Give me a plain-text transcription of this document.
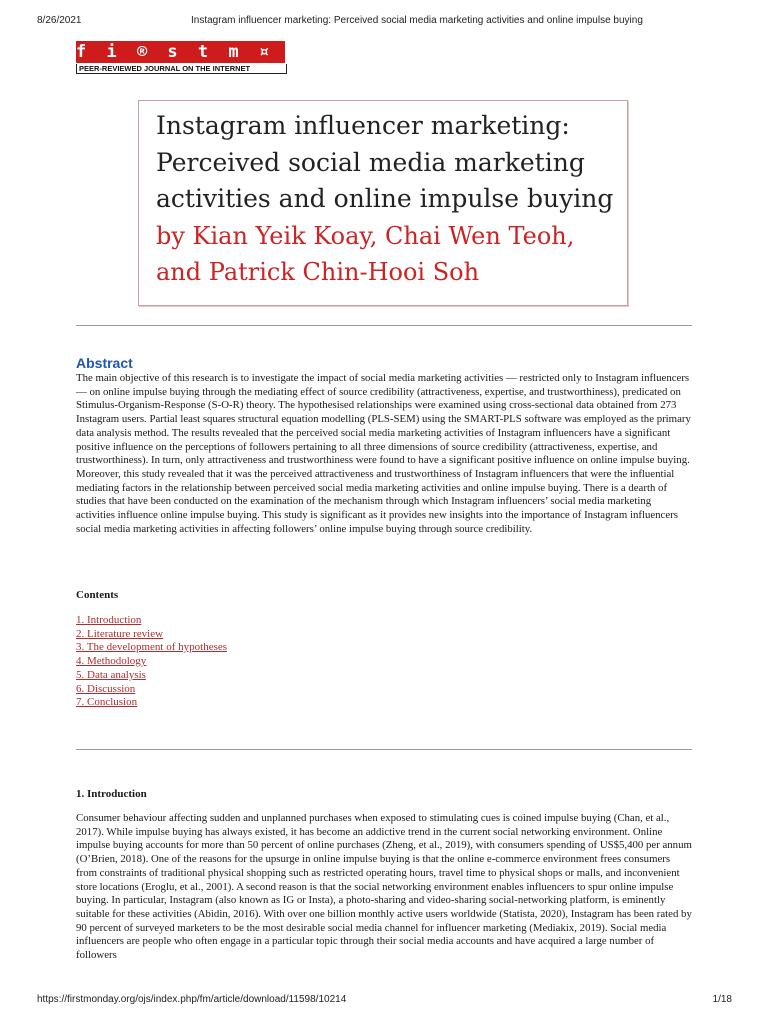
8/26/2021	Instagram influencer marketing: Perceived social media marketing activities and online impulse buying
f i ® s t m ¤ ñ d @ ¥
PEER-REVIEWED JOURNAL ON THE INTERNET
Instagram influencer marketing:
Perceived social media marketing
activities and online impulse buying
by Kian Yeik Koay, Chai Wen Teoh,
and Patrick Chin-Hooi Soh
Abstract
The main objective of this research is to investigate the impact of social media marketing activities — restricted only to Instagram influencers — on online impulse buying through the mediating effect of source credibility (attractiveness, expertise, and trustworthiness), predicated on Stimulus-Organism-Response (S-O-R) theory. The hypothesised relationships were examined using cross-sectional data obtained from 273 Instagram users. Partial least squares structural equation modelling (PLS-SEM) using the SMART-PLS software was employed as the primary data analysis method. The results revealed that the perceived social media marketing activities of Instagram influencers have a significant positive influence on the perceptions of followers pertaining to all three dimensions of source credibility (attractiveness, expertise, and trustworthiness). In turn, only attractiveness and trustworthiness were found to have a significant positive influence on online impulse buying. Moreover, this study revealed that it was the perceived attractiveness and trustworthiness of Instagram influencers that were the influential mediating factors in the relationship between perceived social media marketing activities and online impulse buying. There is a dearth of studies that have been conducted on the examination of the mechanism through which Instagram influencers’ social media marketing activities influence online impulse buying. This study is significant as it provides new insights into the importance of Instagram influencers social media marketing activities in affecting followers’ online impulse buying through source credibility.
Contents
1. Introduction
2. Literature review
3. The development of hypotheses
4. Methodology
5. Data analysis
6. Discussion
7. Conclusion
1. Introduction

Consumer behaviour affecting sudden and unplanned purchases when exposed to stimulating cues is coined impulse buying (Chan, et al., 2017). While impulse buying has always existed, it has become an addictive trend in the current social networking environment. Online impulse buying accounts for more than 50 percent of online purchases (Zheng, et al., 2019), with consumers spending of US$5,400 per annum (O’Brien, 2018). One of the reasons for the upsurge in online impulse buying is that the online e-commerce environment frees consumers from constraints of traditional physical shopping such as restricted operating hours, travel time to physical shops or malls, and inconvenient store locations (Eroglu, et al., 2001). A second reason is that the social networking environment enables influencers to spur online impulse buying. In particular, Instagram (also known as IG or Insta), a photo-sharing and video-sharing social-networking platform, is eminently suitable for these activities (Abidin, 2016). With over one billion monthly active users worldwide (Statista, 2020), Instagram has been rated by 90 percent of surveyed marketers to be the most desirable social media channel for influencer marketing (Mediakix, 2019). Social media influencers are people who often engage in a particular topic through their social media accounts and have acquired a large number of followers

https://firstmonday.org/ojs/index.php/fm/article/download/11598/10214	1/18
